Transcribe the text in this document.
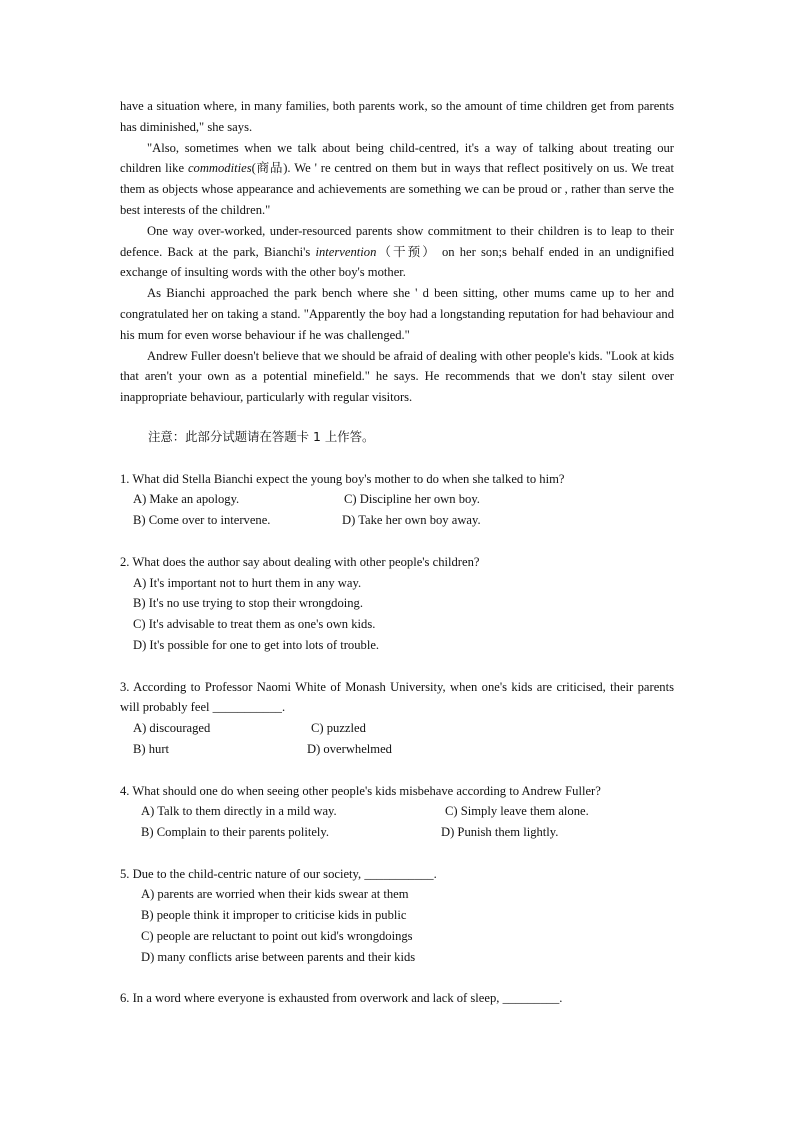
have a situation where, in many families, both parents work, so the amount of time children get from parents has diminished," she says.

"Also, sometimes when we talk about being child-centred, it's a way of talking about treating our children like commodities(商品). We ' re centred on them but in ways that reflect positively on us. We treat them as objects whose appearance and achievements are something we can be proud or , rather than serve the best interests of the children."

One way over-worked, under-resourced parents show commitment to their children is to leap to their defence. Back at the park, Bianchi's intervention（干预） on her son;s behalf ended in an undignified exchange of insulting words with the other boy's mother.

As Bianchi approached the park bench where she ' d been sitting, other mums came up to her and congratulated her on taking a stand. "Apparently the boy had a longstanding reputation for had behaviour and his mum for even worse behaviour if he was challenged."

Andrew Fuller doesn't believe that we should be afraid of dealing with other people's kids. "Look at kids that aren't your own as a potential minefield." he says. He recommends that we don't stay silent over inappropriate behaviour, particularly with regular visitors.

注意：此部分试题请在答题卡 1 上作答。

1. What did Stella Bianchi expect the young boy's mother to do when she talked to him?

A) Make an apology.	C) Discipline her own boy.
B) Come over to intervene.	D) Take her own boy away.

2. What does the author say about dealing with other people's children?

A) It's important not to hurt them in any way.
B) It's no use trying to stop their wrongdoing.
C) It's advisable to treat them as one's own kids.
D) It's possible for one to get into lots of trouble.

3. According to Professor Naomi White of Monash University, when one's kids are criticised, their parents will probably feel ___________.

A) discouraged	C) puzzled
B) hurt	D) overwhelmed

4. What should one do when seeing other people's kids misbehave according to Andrew Fuller?

A) Talk to them directly in a mild way.	C) Simply leave them alone.
B) Complain to their parents politely.	D) Punish them lightly.

5. Due to the child-centric nature of our society, ___________.

A) parents are worried when their kids swear at them
B) people think it improper to criticise kids in public
C) people are reluctant to point out kid's wrongdoings
D) many conflicts arise between parents and their kids

6. In a word where everyone is exhausted from overwork and lack of sleep, _________.
